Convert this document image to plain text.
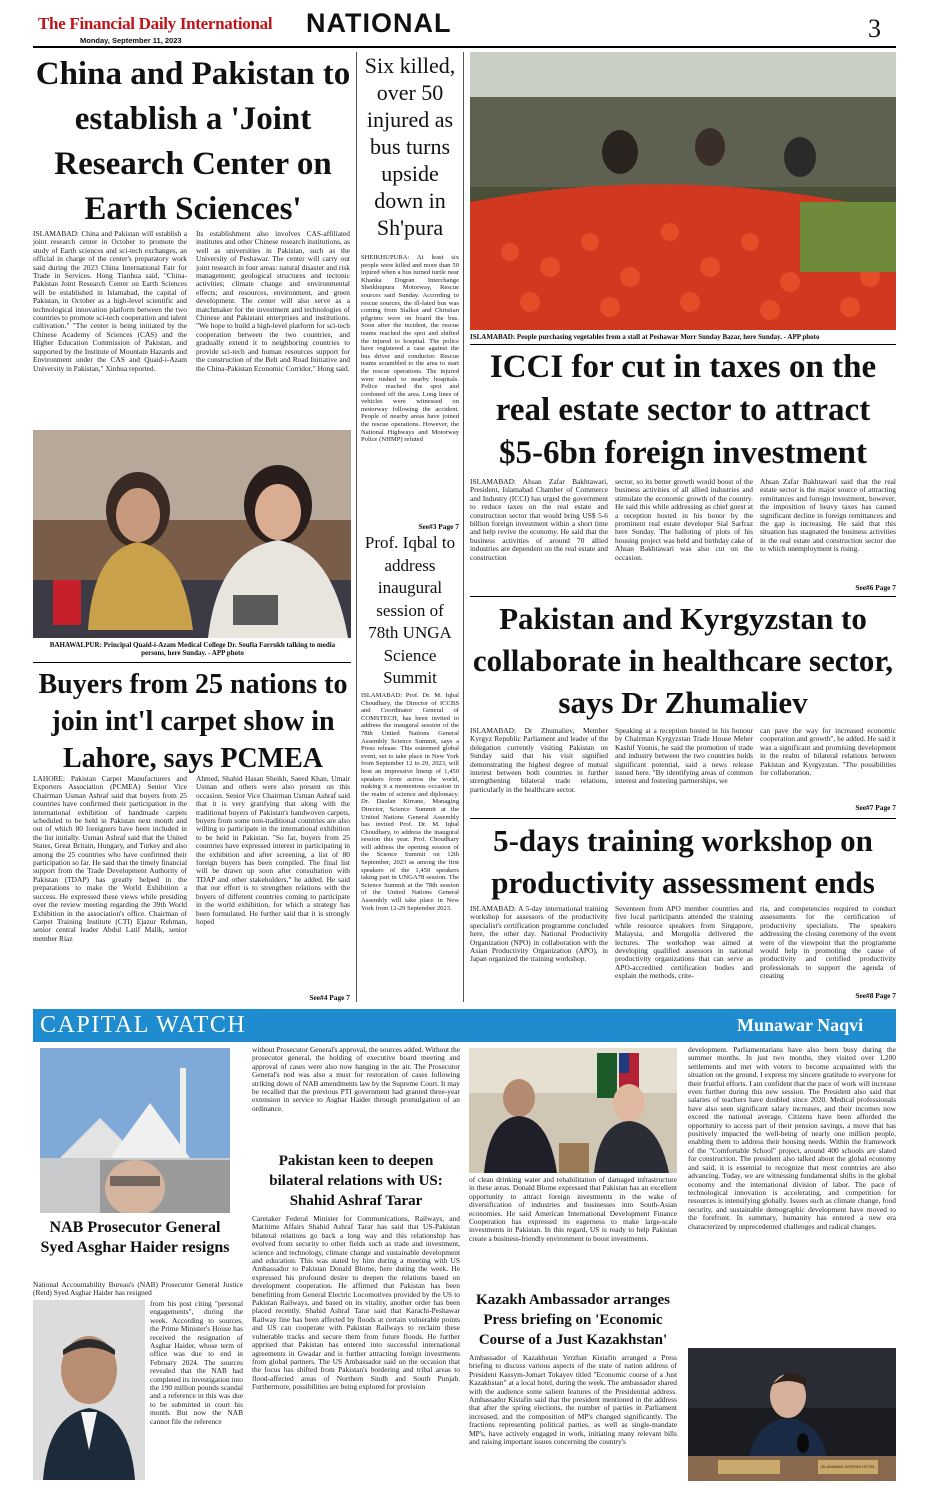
The Financial Daily International
Monday, September 11, 2023
NATIONAL	3
China and Pakistan to establish a 'Joint Research Center on Earth Sciences'
ISLAMABAD: China and Pakistan will establish a joint research center in October to promote the study of Earth sciences and sci-tech exchanges, an official in charge of the center's preparatory work said during the 2023 China International Fair for Trade in Services. Hong Tianhua said, "China-Pakistan Joint Research Center on Earth Sciences will be established in Islamabad, the capital of Pakistan, in October as a high-level scientific and technological innovation platform between the two countries to promote sci-tech cooperation and talent cultivation." "The center is being initiated by the Chinese Academy of Sciences (CAS) and the Higher Education Commission of Pakistan, and supported by the Institute of Mountain Hazards and Environment under the CAS and Quaid-i-Azam University in Pakistan," Xinhua reported.
Its establishment also involves CAS-affiliated institutes and other Chinese research institutions, as well as universities in Pakistan, such as the University of Peshawar. The center will carry out joint research in four areas: natural disaster and risk management; geological structures and tectonic activities; climate change and environmental effects; and resources, environment, and green development. The center will also serve as a matchmaker for the investment and technologies of Chinese and Pakistani enterprises and institutions. "We hope to build a high-level platform for sci-tech cooperation between the two countries, and gradually extend it to neighboring countries to provide sci-tech and human resources support for the construction of the Belt and Road Initiative and the China-Pakistan Economic Corridor," Hong said.
BAHAWALPUR: Principal Quaid-i-Azam Medical College Dr. Soufia Farrukh talking to media persons, here Sunday. - APP photo
Buyers from 25 nations to join int'l carpet show in Lahore, says PCMEA
LAHORE: Pakistan Carpet Manufacturers and Exporters Association (PCMEA) Senior Vice Chairman Usman Ashraf said that buyers from 25 countries have confirmed their participation in the international exhibition of handmade carpets scheduled to be held in Pakistan next month and out of which 80 foreigners have been included in the list initially. Usman Ashraf said that the United States, Great Britain, Hungary, and Turkey and also among the 25 countries who have confirmed their participation so far. He said that the timely financial support from the Trade Development Authority of Pakistan (TDAP) has greatly helped in the preparations to make the World Exhibition a success. He expressed these views while presiding over the review meeting regarding the 39th World Exhibition in the association's office. Chairman of Carpet Training Institute (CTI) Ejazur Rehman, senior central leader Abdul Latif Malik, senior member Riaz
Ahmed, Shahid Hasan Sheikh, Saeed Khan, Umair Usman and others were also present on this occasion. Senior Vice Chairman Usman Ashraf said that it is very gratifying that along with the traditional buyers of Pakistan's handwoven carpets, buyers from some non-traditional countries are also willing to participate in the international exhibition to be held in Pakistan. "So far, buyers from 25 countries have expressed interest in participating in the exhibition and after screening, a list of 80 foreign buyers has been compiled. The final list will be drawn up soon after consultation with TDAP and other stakeholders," he added. He said that our effort is to strengthen relations with the buyers of different countries coming to participate in the world exhibition, for which a strategy has been formulated. He further said that it is strongly hoped
See#4 Page 7
Six killed, over 50 injured as bus turns upside down in Sh'pura
SHEIKHUPURA: At least six people were killed and more than 50 injured when a bus turned turtle near Khanka Dogran Interchange Sheikhupura Motorway, Rescue sources said Sunday. According to rescue sources, the ill-fated bus was coming from Sialkot and Christian pilgrims were on board the bus. Soon after the incident, the rescue teams reached the spot and shifted the injured to hospital. The police have registered a case against the bus driver and conductor. Rescue teams scrambled to the area to start the rescue operations. The injured were rushed to nearby hospitals. Police reached the spot and cordoned off the area. Long lines of vehicles were witnessed on motorway following the accident. People of nearby areas have joined the rescue operations. However, the National Highways and Motorway Police (NHMP) refuted
See#3 Page 7
Prof. Iqbal to address inaugural session of 78th UNGA Science Summit
ISLAMABAD: Prof. Dr. M. Iqbal Choudhary, the Director of ICCBS and Coordinator General of COMSTECH, has been invited to address the inaugural session of the 78th United Nations General Assembly Science Summit, says a Press release. This esteemed global event, set to take place in New York from September 12 to 29, 2023, will host an impressive lineup of 1,450 speakers from across the world, making it a momentous occasion in the realm of science and diplomacy. Dr. Daulan Kirrane, Managing Director, Science Summit at the United Nations General Assembly has invited Prof. Dr. M. Iqbal Choudhary, to address the inaugural session this year. Prof. Choudhary will address the opening session of the Science Summit on 12th September, 2023 as among the first speakers of the 1,450 speakers taking part in UNGA78 session. The Science Summit at the 78th session of the United Nations General Assembly will take place in New York from 12-29 September 2023.
ISLAMABAD: People purchasing vegetables from a stall at Peshawar Morr Sunday Bazar, here Sunday. - APP photo
ICCI for cut in taxes on the real estate sector to attract $5-6bn foreign investment
ISLAMABAD: Ahsan Zafar Bakhtawari, President, Islamabad Chamber of Commerce and Industry (ICCI) has urged the government to reduce taxes on the real estate and construction sector that would bring US$ 5-6 billion foreign investment within a short time and help revive the economy. He said that the business activities of around 70 allied industries are dependent on the real estate and construction
sector, so its better growth would boost of the business activities of all allied industries and stimulate the economic growth of the country. He said this while addressing as chief guest at a reception hosted in his honor by the prominent real estate developer Sial Sarfraz here Sunday. The balloting of plots of his housing project was held and birthday cake of Ahsan Bakhtawari was also cut on the occasion.
Ahsan Zafar Bakhtawari said that the real estate sector is the major source of attracting remittances and foreign investment, however, the imposition of heavy taxes has caused significant decline in foreign remittances and the gap is increasing. He said that this situation has stagnated the business activities in the real estate and construction sector due to which unemployment is rising.
See#6 Page 7
Pakistan and Kyrgyzstan to collaborate in healthcare sector, says Dr Zhumaliev
ISLAMABAD: Dr Zhumaliev, Member Kyrgyz Republic Parliament and leader of the delegation currently visiting Pakistan on Sunday said that his visit signified demonstrating the highest degree of mutual interest between both countries in further strengthening bilateral trade relations, particularly in the healthcare sector.
Speaking at a reception hosted in his honour by Chairman Kyrgyzstan Trade House Meher Kashif Younis, he said the promotion of trade and industry between the two countries holds significant potential, said a news release issued here. "By identifying areas of common interest and fostering partnerships, we
can pave the way for increased economic cooperation and growth", he added. He said it was a significant and promising development in the realm of bilateral relations between Pakistan and Kyrgyzstan. "The possibilities for collaboration.
See#7 Page 7
5-days training workshop on productivity assessment ends
ISLAMABAD: A 5-day international training workshop for assessors of the productivity specialist's certification programme concluded here, the other day. National Productivity Organization (NPO) in collaboration with the Asian Productivity Organization (APO), in Japan organized the training workshop.
Seventeen from APO member countries and five local participants attended the training while resource speakers from Singapore, Malaysia, and Mongolia delivered the lectures. The workshop was aimed at developing qualified assessors in national productivity organizations that can serve as APO-accredited certification bodies and explain the methods, crite-
ria, and competencies required to conduct assessments for the certification of productivity specialists. The speakers addressing the closing ceremony of the event were of the viewpoint that the programme would help in promoting the cause of productivity and certified productivity professionals to support the agenda of creating
See#8 Page 7
CAPITAL WATCH	Munawar Naqvi
NAB Prosecutor General Syed Asghar Haider resigns
National Accountability Bureau's (NAB) Prosecutor General Justice (Retd) Syed Asghar Haider has resigned
from his post citing "personal engagements", during the week. According to sources, the Prime Minister's House has received the resignation of Asghar Haider, whose term of office was due to end in February 2024. The sources revealed that the NAB had completed its investigation into the 190 million pounds scandal and a reference in this was due to be submitted in court his month. But now the NAB cannot file the reference
without Prosecutor General's approval, the sources added. Without the prosecutor general, the holding of executive board meeting and approval of cases were also now hanging in the air. The Prosecutor General's nod was also a must for restoration of cases following striking down of NAB amendments law by the Supreme Court. It may be recalled that the previous PTI government had granted three-year extension in service to Asghar Haider through promulgation of an ordinance.
Pakistan keen to deepen bilateral relations with US: Shahid Ashraf Tarar
Caretaker Federal Minister for Communications, Railways, and Maritime Affairs Shahid Ashraf Tarar has said that US-Pakistan bilateral relations go back a long way and this relationship has evolved from security to other fields such as trade and investment, science and technology, climate change and sustainable development and education. This was stated by him during a meeting with US Ambassador to Pakistan Donald Blome, here during the week. He expressed his profound desire to deepen the relations based on development cooperation. He affirmed that Pakistan has been benefitting from General Electric Locomotives provided by the US to Pakistan Railways, and based on its vitality, another order has been placed recently. Shahid Ashraf Tarar said that Karachi-Peshawar Railway line has been affected by floods at certain vulnerable points and US can cooperate with Pakistan Railways to reclaim these vulnerable tracks and secure them from future floods. He further apprised that Pakistan has entered into successful international agreements in Gwadar and is further attracting foreign investments from global partners. The US Ambassador said on the occasion that the focus has shifted from Pakistan's bordering and tribal areas to flood-affected areas of Northern Sindh and South Punjab. Furthermore, possibilities are being explored for provision
of clean drinking water and rehabilitation of damaged infrastructure in these areas. Donald Blome expressed that Pakistan has an excellent opportunity to attract foreign investments in the wake of diversification of industries and businesses into South-Asian economies. He said American International Development Finance Cooperation has expressed its eagerness to make large-scale investments in Pakistan. In this regard, US is ready to help Pakistan create a business-friendly environment to boost investments.
Kazakh Ambassador arranges Press briefing on 'Economic Course of a Just Kazakhstan'
Ambassador of Kazakhstan Yerzhan Kistafin arranged a Press briefing to discuss various aspects of the state of nation address of President Kassym-Jomart Tokayev titled "Economic course of a Just Kazakhstan" at a local hotel, during the week. The ambassador shared with the audience some salient features of the Presidential address. Ambassador Kistafin said that the president mentioned in the address that after the spring elections, the number of parties in Parliament increased, and the composition of MP's changed significantly. The fractions representing political parties, as well as single-mandate MP's, have actively engaged in work, initiating many relevant bills and raising important issues concerning the country's
development. Parliamentarians have also been busy during the summer months. In just two months, they visited over 1,200 settlements and met with voters to become acquainted with the situation on the ground. I express my sincere gratitude to everyone for their fruitful efforts. I am confident that the pace of work will increase even further during this new session. The President also said that salaries of teachers have doubled since 2020. Medical professionals have also seen significant salary increases, and their incomes now exceed the national average. Citizens have been afforded the opportunity to access part of their pension savings, a move that has positively impacted the well-being of nearly one million people, enabling them to address their housing needs. Within the framework of the "Comfortable School" project, around 400 schools are slated for construction. The president also talked about the global economy and said, it is essential to recognize that most countries are also advancing. Today, we are witnessing fundamental shifts in the global economy and the international division of labor. The pace of technological innovation is accelerating, and competition for resources is intensifying globally. Issues such as climate change, food security, and sustainable demographic development have moved to the forefront. In summary, humanity has entered a new era characterized by unprecedented challenges and radical changes.
ISLAMABAD SERENA HOTEL
